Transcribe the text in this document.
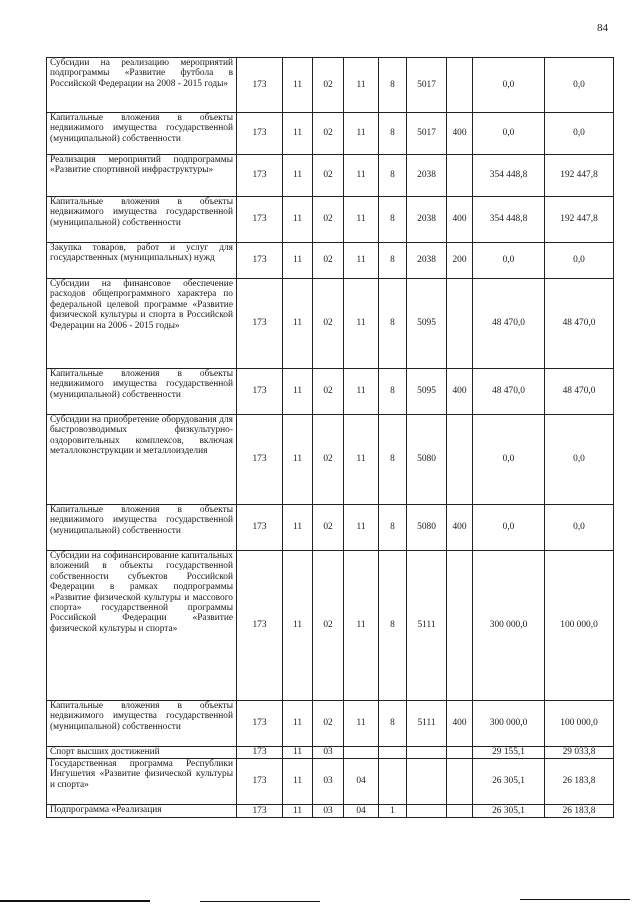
84
Субсидии на реализацию мероприятий подпрограммы «Развитие футбола в Российской Федерации на 2008 - 2015 годы»	173	11	02	11	8	5017		0,0	0,0
Капитальные вложения в объекты недвижимого имущества государственной (муниципальной) собственности	173	11	02	11	8	5017	400	0,0	0,0
Реализация мероприятий подпрограммы «Развитие спортивной инфраструктуры»	173	11	02	11	8	2038		354 448,8	192 447,8
Капитальные вложения в объекты недвижимого имущества государственной (муниципальной) собственности	173	11	02	11	8	2038	400	354 448,8	192 447,8
Закупка товаров, работ и услуг для государственных (муниципальных) нужд	173	11	02	11	8	2038	200	0,0	0,0
Субсидии на финансовое обеспечение расходов общепрограммного характера по федеральной целевой программе «Развитие физической культуры и спорта в Российской Федерации на 2006 - 2015 годы»	173	11	02	11	8	5095		48 470,0	48 470,0
Капитальные вложения в объекты недвижимого имущества государственной (муниципальной) собственности	173	11	02	11	8	5095	400	48 470,0	48 470,0
Субсидии на приобретение оборудования для быстровозводимых физкультурно-оздоровительных комплексов, включая металлоконструкции и металлоизделия	173	11	02	11	8	5080		0,0	0,0
Капитальные вложения в объекты недвижимого имущества государственной (муниципальной) собственности	173	11	02	11	8	5080	400	0,0	0,0
Субсидии на софинансирование капитальных вложений в объекты государственной собственности субъектов Российской Федерации в рамках подпрограммы «Развитие физической культуры и массового спорта» государственной программы Российской Федерации «Развитие физической культуры и спорта»	173	11	02	11	8	5111		300 000,0	100 000,0
Капитальные вложения в объекты недвижимого имущества государственной (муниципальной) собственности	173	11	02	11	8	5111	400	300 000,0	100 000,0
Спорт высших достижений	173	11	03					29 155,1	29 033,8
Государственная программа Республики Ингушетия «Развитие физической культуры и спорта»	173	11	03	04				26 305,1	26 183,8
Подпрограмма «Реализация	173	11	03	04	1			26 305,1	26 183,8
